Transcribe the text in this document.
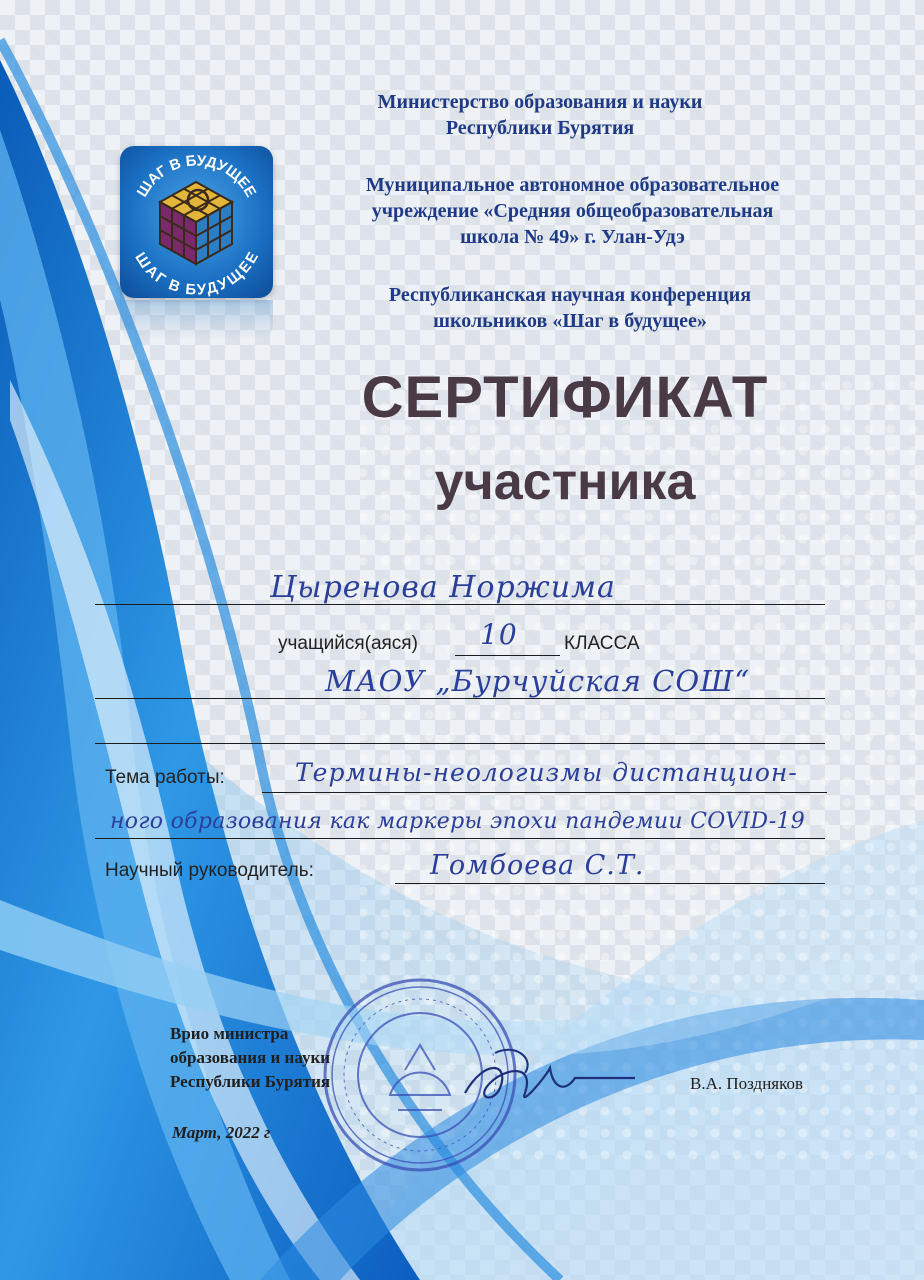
ШАГ В БУДУЩЕЕ
ШАГ В БУДУЩЕЕ
Министерство образования и науки
Республики Бурятия
Муниципальное автономное образовательное
учреждение «Средняя общеобразовательная
школа № 49» г. Улан-Удэ
Республиканская научная конференция
школьников «Шаг в будущее»
СЕРТИФИКАТ
участника
Цыренова Норжима
учащийся(аяся) 10 КЛАССА
МАОУ „Бурчуйская СОШ“
Тема работы:	Термины-неологизмы дистанцион-
ного образования как маркеры эпохи пандемии COVID-19
Научный руководитель:	Гомбоева С.Т.
Врио министра
образования и науки
Республики Бурятия
Март, 2022 г
В.А. Поздняков
